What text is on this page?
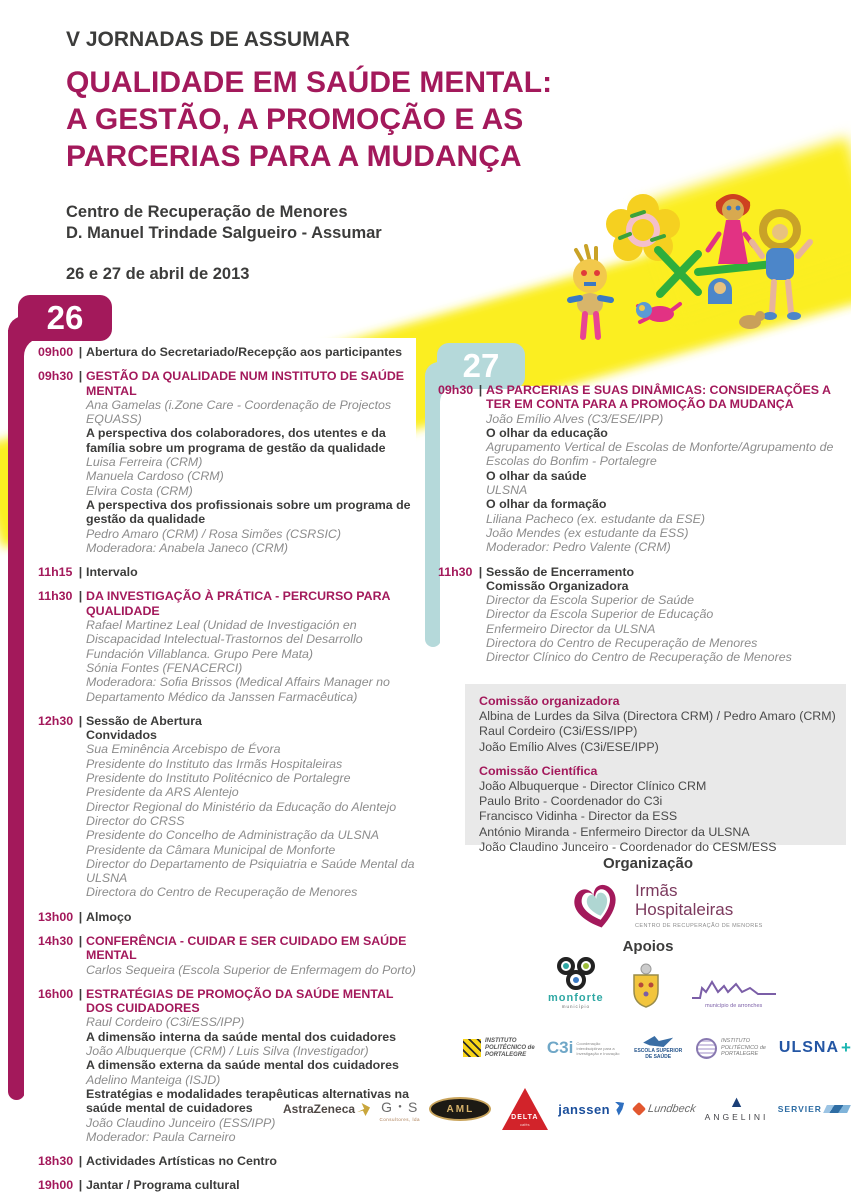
V JORNADAS DE ASSUMAR
QUALIDADE EM SAÚDE MENTAL:
A GESTÃO, A PROMOÇÃO E AS
PARCERIAS PARA A MUDANÇA
Centro de Recuperação de Menores
D. Manuel Trindade Salgueiro - Assumar
26 e 27 de abril de 2013
26
27
09h00 | Abertura do Secretariado/Recepção aos participantes
09h30 | GESTÃO DA QUALIDADE NUM INSTITUTO DE SAÚDE MENTAL
Ana Gamelas (i.Zone Care - Coordenação de Projectos EQUASS)
A perspectiva dos colaboradores, dos utentes e da família sobre um programa de gestão da qualidade
Luisa Ferreira (CRM)
Manuela Cardoso (CRM)
Elvira Costa (CRM)
A perspectiva dos profissionais sobre um programa de gestão da qualidade
Pedro Amaro (CRM) / Rosa Simões (CSRSIC)
Moderadora: Anabela Janeco (CRM)
11h15 | Intervalo
11h30 | DA INVESTIGAÇÃO À PRÁTICA - PERCURSO PARA QUALIDADE
Rafael Martinez Leal (Unidad de Investigación en Discapacidad Intelectual-Trastornos del Desarrollo Fundación Villablanca. Grupo Pere Mata)
Sónia Fontes (FENACERCI)
Moderadora: Sofia Brissos (Medical Affairs Manager no Departamento Médico da Janssen Farmacêutica)
12h30 | Sessão de Abertura
Convidados
Sua Eminência Arcebispo de Évora
Presidente do Instituto das Irmãs Hospitaleiras
Presidente do Instituto Politécnico de Portalegre
Presidente da ARS Alentejo
Director Regional do Ministério da Educação do Alentejo
Director do CRSS
Presidente do Concelho de Administração da ULSNA
Presidente da Câmara Municipal de Monforte
Director do Departamento de Psiquiatria e Saúde Mental da ULSNA
Directora do Centro de Recuperação de Menores
13h00 | Almoço
14h30 | CONFERÊNCIA - CUIDAR E SER CUIDADO EM SAÚDE MENTAL
Carlos Sequeira (Escola Superior de Enfermagem do Porto)
16h00 | ESTRATÉGIAS DE PROMOÇÃO DA SAÚDE MENTAL DOS CUIDADORES
Raul Cordeiro (C3i/ESS/IPP)
A dimensão interna da saúde mental dos cuidadores
João Albuquerque (CRM) / Luis Silva (Investigador)
A dimensão externa da saúde mental dos cuidadores
Adelino Manteiga (ISJD)
Estratégias e modalidades terapêuticas alternativas na saúde mental de cuidadores
João Claudino Junceiro (ESS/IPP)
Moderador: Paula Carneiro
18h30 | Actividades Artísticas no Centro
19h00 | Jantar / Programa cultural
09h30 | AS PARCERIAS E SUAS DINÂMICAS: CONSIDERAÇÕES A TER EM CONTA PARA A PROMOÇÃO DA MUDANÇA
João Emílio Alves (C3/ESE/IPP)
O olhar da educação
Agrupamento Vertical de Escolas de Monforte/Agrupamento de Escolas do Bonfim - Portalegre
O olhar da saúde
ULSNA
O olhar da formação
Liliana Pacheco (ex. estudante da ESE)
João Mendes (ex estudante da ESS)
Moderador: Pedro Valente (CRM)
11h30 | Sessão de Encerramento
Comissão Organizadora
Director da Escola Superior de Saúde
Director da Escola Superior de Educação
Enfermeiro Director da ULSNA
Directora do Centro de Recuperação de Menores
Director Clínico do Centro de Recuperação de Menores
Comissão organizadora
Albina de Lurdes da Silva (Directora CRM) / Pedro Amaro (CRM)
Raul Cordeiro (C3i/ESS/IPP)
João Emílio Alves (C3i/ESE/IPP)
Comissão Científica
João Albuquerque - Director Clínico CRM
Paulo Brito - Coordenador do C3i
Francisco Vidinha - Director da ESS
António Miranda - Enfermeiro Director da ULSNA
João Claudino Junceiro - Coordenador do CESM/ESS
Organização
Irmãs
Hospitaleiras
CENTRO DE RECUPERAÇÃO DE MENORES
Apoios
monforte
município	município de arronches
INSTITUTO POLITÉCNICO de PORTALEGRE	C3i Coordenação Interdisciplinar para a Investigação e Inovação	ESCOLA SUPERIOR DE SAÚDE
INSTITUTO POLITÉCNICO de PORTALEGRE	ULSNA +
AstraZeneca G・S
Consultores, lda
AML
DELTA
cafés
janssen	Lundbeck ▲
ANGELINI
SERVIER
